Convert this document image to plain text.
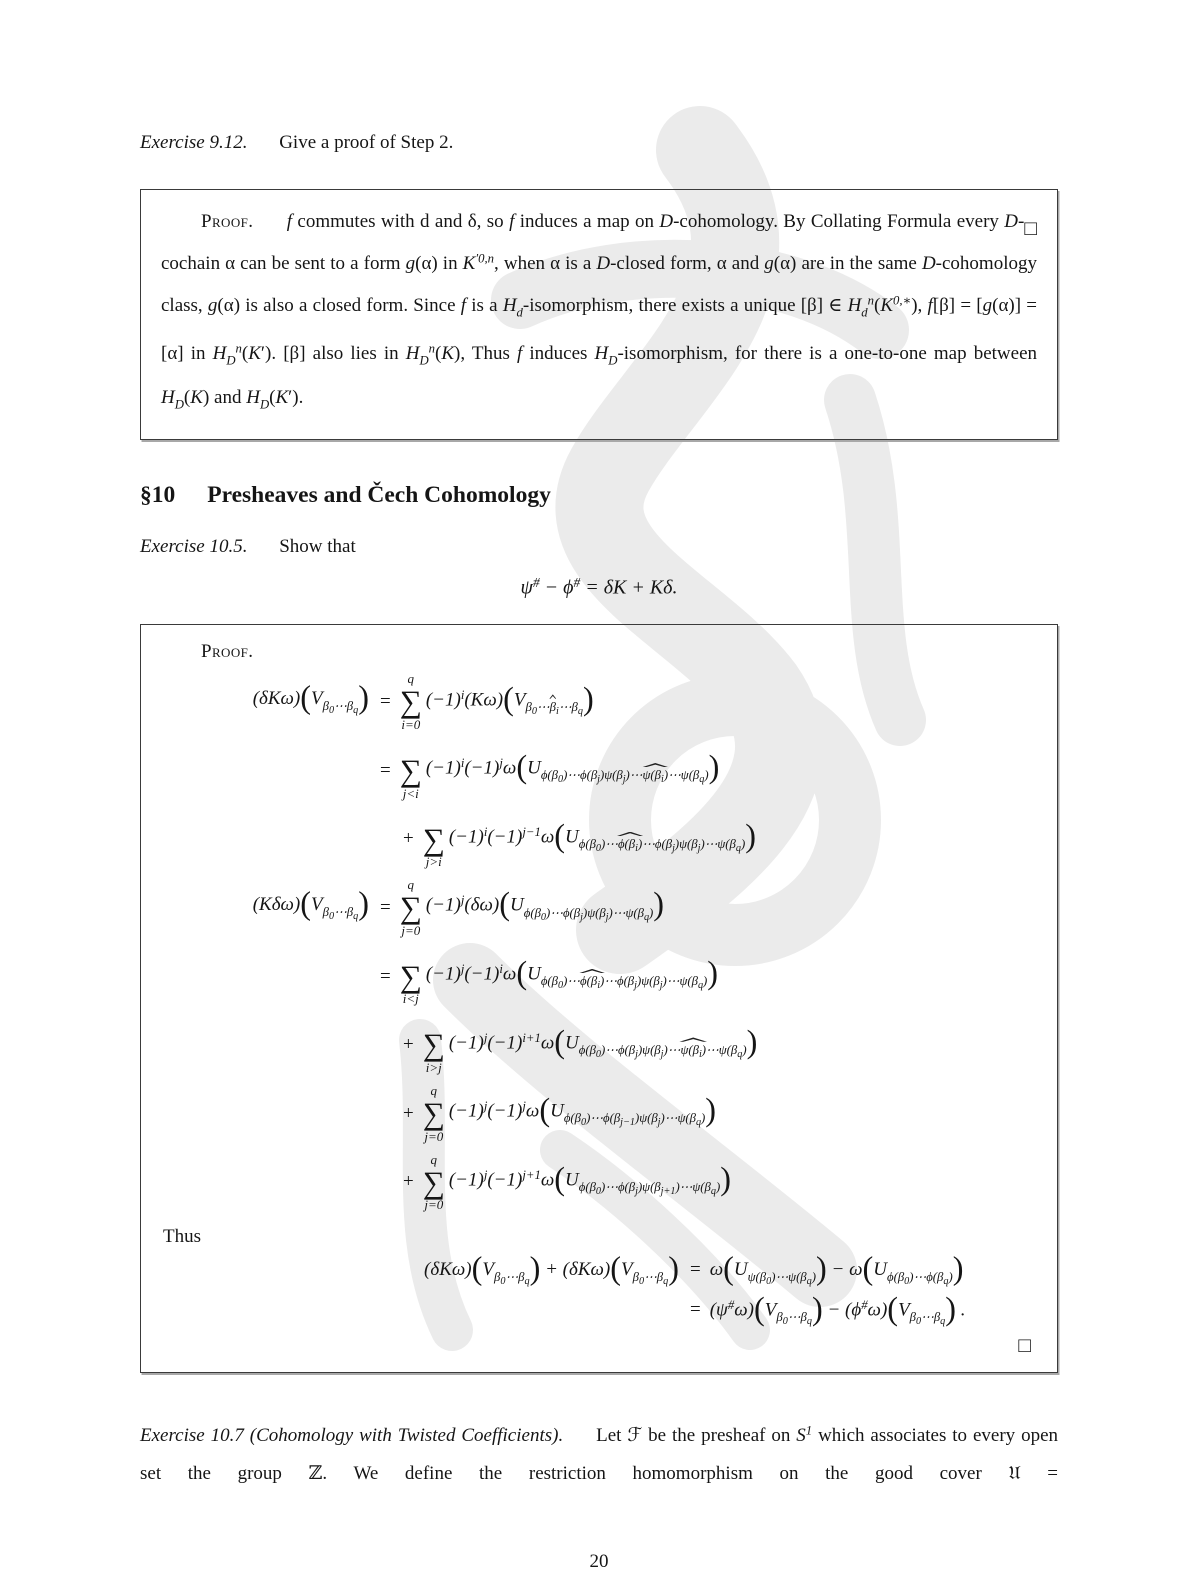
Exercise 9.12. Give a proof of Step 2.

□
Proof. f commutes with d and δ, so f induces a map on D-cohomology. By Collating Formula every D-cochain α can be sent to a form g(α) in $K^{'0,n}$, when α is a D-closed form, α and g(α) are in the same D-cohomology class, g(α) is also a closed form. Since f is a $H_d$-isomorphism, there exists a unique [β] ∈ $H_d^n(K^{0,∗})$, f[β] = [g(α)] = [α] in $H_D^n(K')$. [β] also lies in $H_D^n(K)$, Thus f induces $H_D$-isomorphism, for there is a one-to-one map between $H_D(K)$ and $H_D(K')$.

§10 Presheaves and Čech Cohomology

Exercise 10.5. Show that

ψ# − ϕ# = δK + Kδ.

Proof.

$(\delta K\omega)(V_{\beta_0\cdots\beta_q})$ =
q
∑
i=0
$(-1)^i(K\omega)(V_{\beta_0\cdots\beta_i\cdots\beta_q})$
= ∑
j<i
$(-1)^i(-1)^j\omega(U_{\phi(\beta_0)\cdots\phi(\beta_j)\psi(\beta_j)\cdots\psi(\beta_i)\cdots\psi(\beta_q)})$
+ ∑
j>i
$(-1)^i(-1)^{j-1}\omega(U_{\phi(\beta_0)\cdots\phi(\beta_i)\cdots\phi(\beta_j)\psi(\beta_j)\cdots\psi(\beta_q)})$
$(K\delta\omega)(V_{\beta_0\cdots\beta_q})$ =
q
∑
j=0
$(-1)^j(\delta\omega)(U_{\phi(\beta_0)\cdots\phi(\beta_j)\psi(\beta_j)\cdots\psi(\beta_q)})$
= ∑
i<j
$(-1)^j(-1)^i\omega(U_{\phi(\beta_0)\cdots\phi(\beta_i)\cdots\phi(\beta_j)\psi(\beta_j)\cdots\psi(\beta_q)})$
+ ∑
i>j
$(-1)^j(-1)^{i+1}\omega(U_{\phi(\beta_0)\cdots\phi(\beta_j)\psi(\beta_j)\cdots\psi(\beta_i)\cdots\psi(\beta_q)})$
+
q
∑
j=0
$(-1)^j(-1)^j\omega(U_{\phi(\beta_0)\cdots\phi(\beta_{j-1})\psi(\beta_j)\cdots\psi(\beta_q)})$
+
q
∑
j=0
$(-1)^j(-1)^{j+1}\omega(U_{\phi(\beta_0)\cdots\phi(\beta_j)\psi(\beta_{j+1})\cdots\psi(\beta_q)})$

Thus

$(\delta K\omega)(V_{\beta_0\cdots\beta_q}) + (\delta K\omega)(V_{\beta_0\cdots\beta_q}) = \omega(U_{\psi(\beta_0)\cdots\psi(\beta_q)}) - \omega(U_{\phi(\beta_0)\cdots\phi(\beta_q)})$
= $(\psi^{\#}\omega)(V_{\beta_0\cdots\beta_q}) - (\phi^{\#}\omega)(V_{\beta_0\cdots\beta_q})$ .
□

Exercise 10.7 (Cohomology with Twisted Coefficients). Let ℱ be the presheaf on $S^1$ which associates to every open set the group ℤ. We define the restriction homomorphism on the good cover 𝔘 =

20
